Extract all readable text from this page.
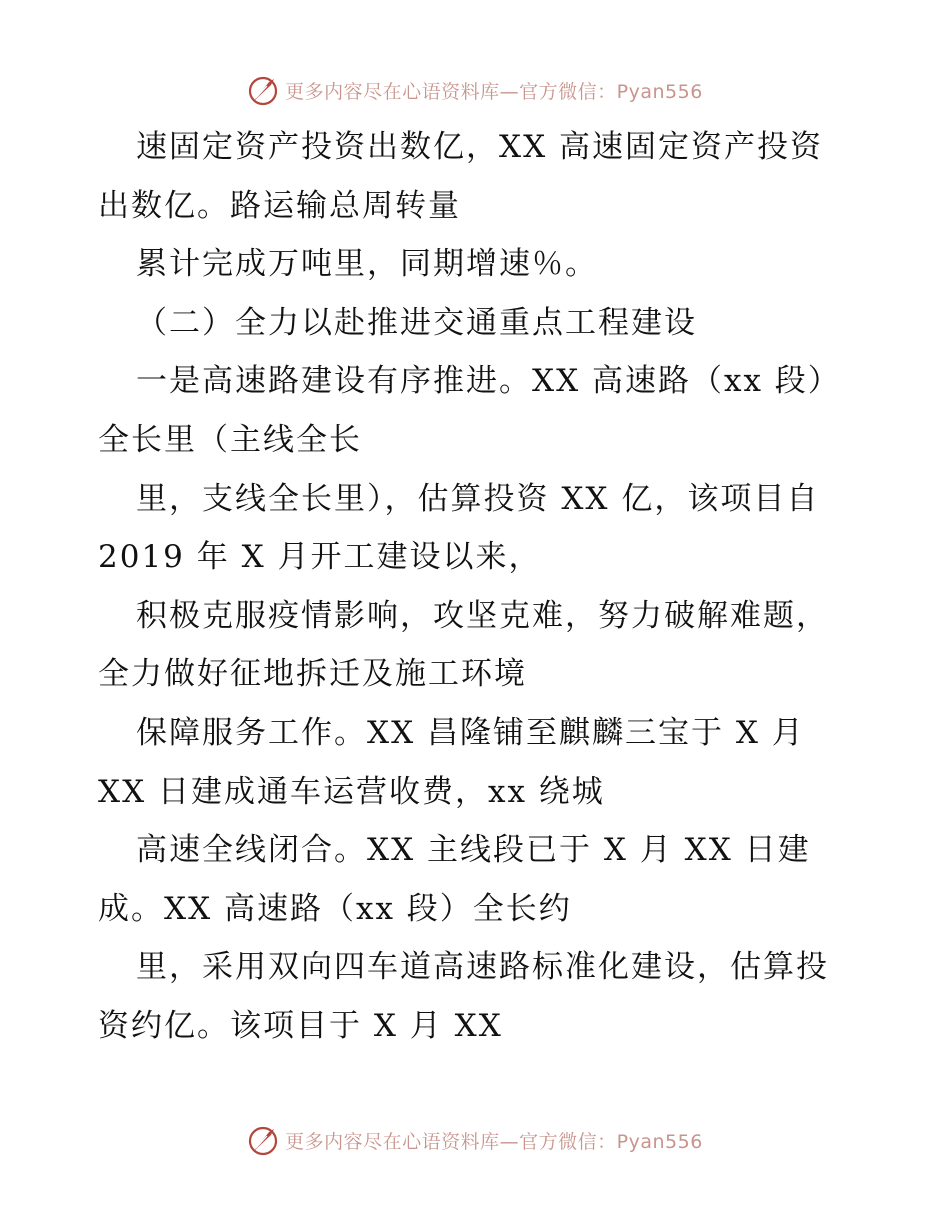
更多内容尽在心语资料库—官方微信：Pyan556
速固定资产投资出数亿，XX 高速固定资产投资
出数亿。路运输总周转量
累计完成万吨里，同期增速％。
（二）全力以赴推进交通重点工程建设
一是高速路建设有序推进。XX 高速路（xx 段）
全长里（主线全长
里，支线全长里），估算投资 XX 亿，该项目自
2019 年 X 月开工建设以来，
积极克服疫情影响，攻坚克难，努力破解难题，
全力做好征地拆迁及施工环境
保障服务工作。XX 昌隆铺至麒麟三宝于 X 月
XX 日建成通车运营收费，xx 绕城
高速全线闭合。XX 主线段已于 X 月 XX 日建
成。XX 高速路（xx 段）全长约
里，采用双向四车道高速路标准化建设，估算投
资约亿。该项目于 X 月 XX
更多内容尽在心语资料库—官方微信：Pyan556
